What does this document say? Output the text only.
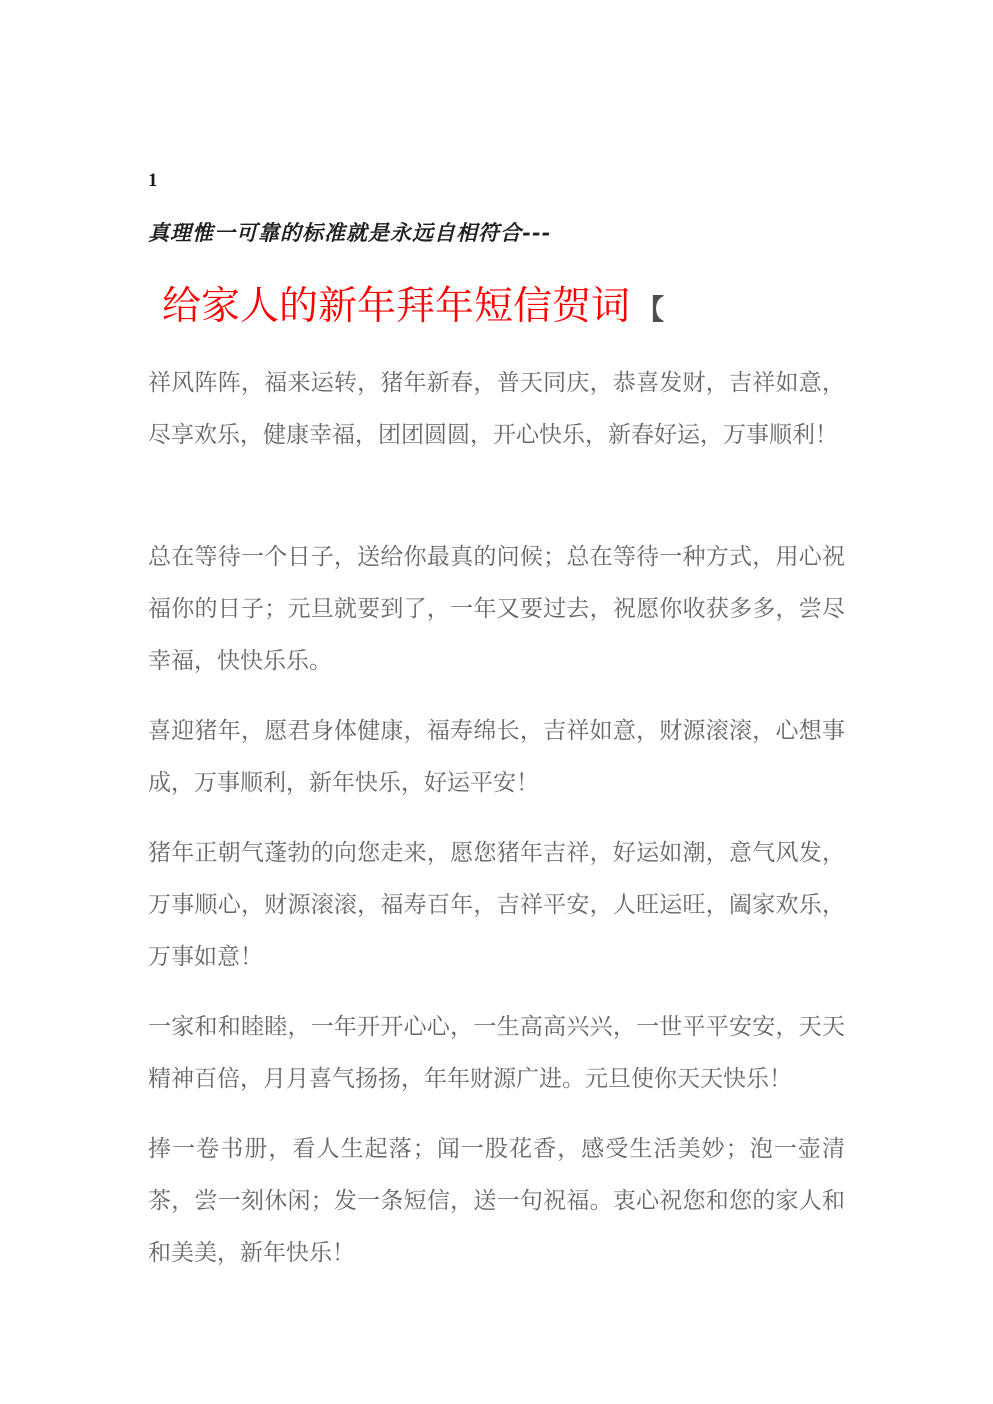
1
真理惟一可靠的标准就是永远自相符合---
给家人的新年拜年短信贺词 【

祥风阵阵，福来运转，猪年新春，普天同庆，恭喜发财，吉祥如意，尽享欢乐，健康幸福，团团圆圆，开心快乐，新春好运，万事顺利！

总在等待一个日子，送给你最真的问候；总在等待一种方式，用心祝福你的日子；元旦就要到了，一年又要过去，祝愿你收获多多，尝尽幸福，快快乐乐。

喜迎猪年，愿君身体健康，福寿绵长，吉祥如意，财源滚滚，心想事成，万事顺利，新年快乐，好运平安！

猪年正朝气蓬勃的向您走来，愿您猪年吉祥，好运如潮，意气风发，万事顺心，财源滚滚，福寿百年，吉祥平安，人旺运旺，阖家欢乐，万事如意！

一家和和睦睦，一年开开心心，一生高高兴兴，一世平平安安，天天精神百倍，月月喜气扬扬，年年财源广进。元旦使你天天快乐！

捧一卷书册，看人生起落；闻一股花香，感受生活美妙；泡一壶清茶，尝一刻休闲；发一条短信，送一句祝福。衷心祝您和您的家人和和美美，新年快乐！
